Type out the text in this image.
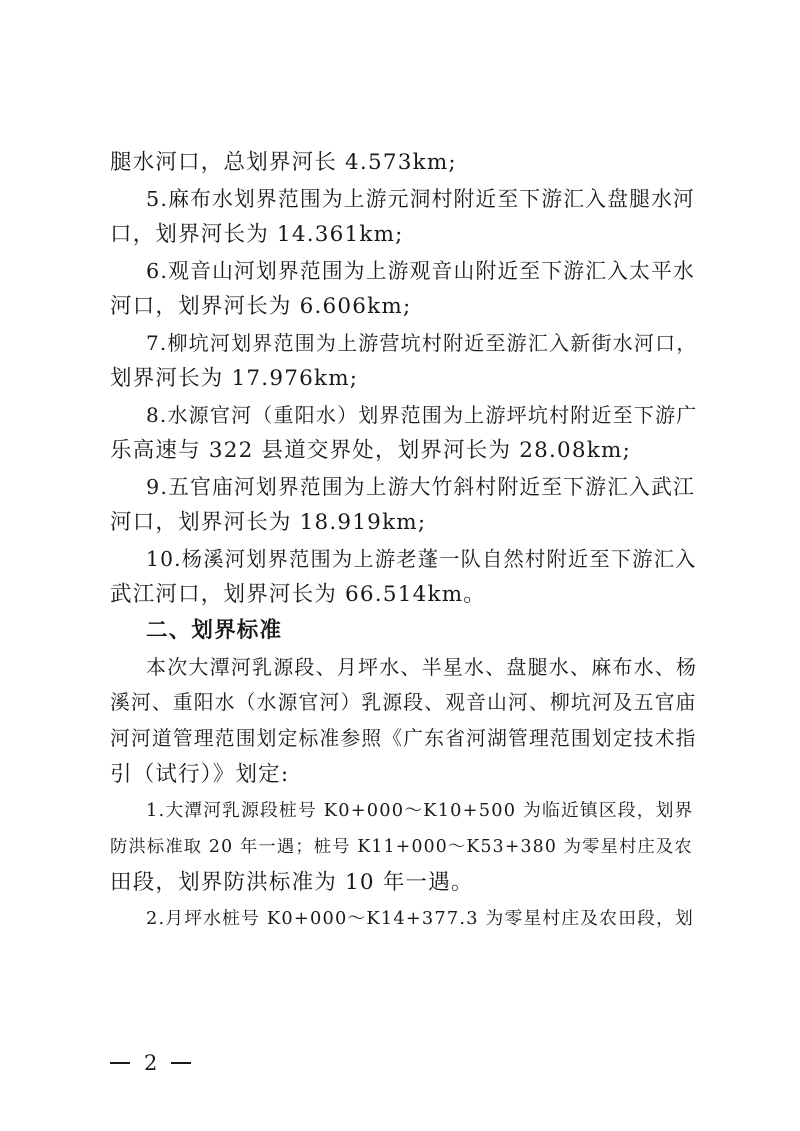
腿水河口，总划界河长 4.573km;
5.麻布水划界范围为上游元洞村附近至下游汇入盘腿水河
口，划界河长为 14.361km;
6.观音山河划界范围为上游观音山附近至下游汇入太平水
河口，划界河长为 6.606km;
7.柳坑河划界范围为上游营坑村附近至游汇入新街水河口，
划界河长为 17.976km;
8.水源官河（重阳水）划界范围为上游坪坑村附近至下游广
乐高速与 322 县道交界处，划界河长为 28.08km;
9.五官庙河划界范围为上游大竹斜村附近至下游汇入武江
河口，划界河长为 18.919km;
10.杨溪河划界范围为上游老蓬一队自然村附近至下游汇入
武江河口，划界河长为 66.514km。
二、划界标准
本次大潭河乳源段、月坪水、半星水、盘腿水、麻布水、杨
溪河、重阳水（水源官河）乳源段、观音山河、柳坑河及五官庙
河河道管理范围划定标准参照《广东省河湖管理范围划定技术指
引（试行）》划定:
1.大潭河乳源段桩号 K0+000～K10+500 为临近镇区段，划界
防洪标准取 20 年一遇；桩号 K11+000～K53+380 为零星村庄及农
田段，划界防洪标准为 10 年一遇。
2.月坪水桩号 K0+000～K14+377.3 为零星村庄及农田段，划
2
